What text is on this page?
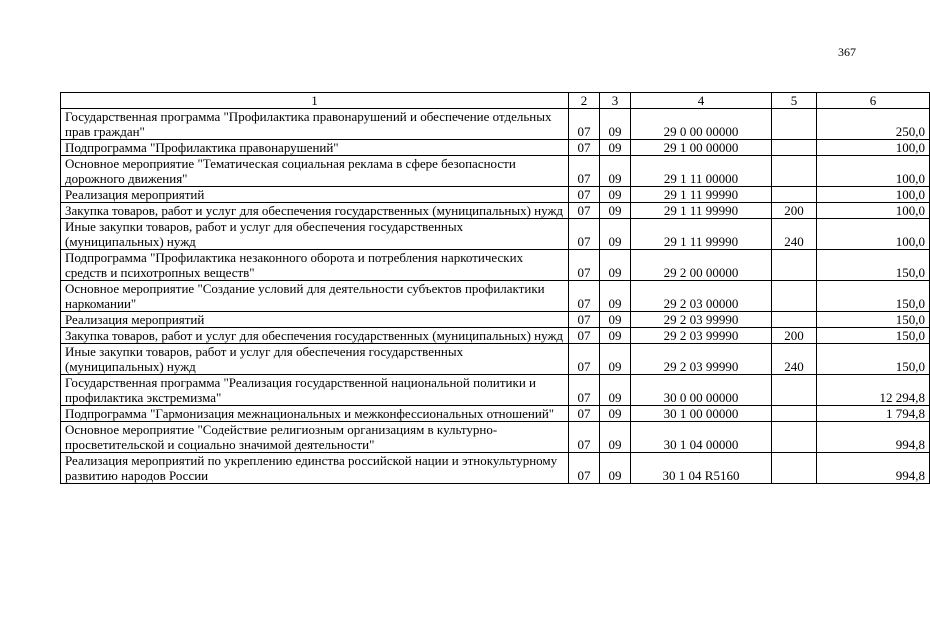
367
1	2	3	4	5	6
Государственная программа "Профилактика правонарушений и обеспечение отдельных прав граждан"	07	09	29 0 00 00000		250,0
Подпрограмма "Профилактика правонарушений"	07	09	29 1 00 00000		100,0
Основное мероприятие "Тематическая социальная реклама в сфере безопасности дорожного движения"	07	09	29 1 11 00000		100,0
Реализация мероприятий	07	09	29 1 11 99990		100,0
Закупка товаров, работ и услуг для обеспечения государственных (муниципальных) нужд	07	09	29 1 11 99990	200	100,0
Иные закупки товаров, работ и услуг для обеспечения государственных (муниципальных) нужд	07	09	29 1 11 99990	240	100,0
Подпрограмма "Профилактика незаконного оборота и потребления наркотических средств и психотропных веществ"	07	09	29 2 00 00000		150,0
Основное мероприятие "Создание условий для деятельности субъектов профилактики наркомании"	07	09	29 2 03 00000		150,0
Реализация мероприятий	07	09	29 2 03 99990		150,0
Закупка товаров, работ и услуг для обеспечения государственных (муниципальных) нужд	07	09	29 2 03 99990	200	150,0
Иные закупки товаров, работ и услуг для обеспечения государственных (муниципальных) нужд	07	09	29 2 03 99990	240	150,0
Государственная программа "Реализация государственной национальной политики и профилактика экстремизма"	07	09	30 0 00 00000		12 294,8
Подпрограмма "Гармонизация межнациональных и межконфессиональных отношений"	07	09	30 1 00 00000		1 794,8
Основное мероприятие "Содействие религиозным организациям в культурно-просветительской и социально значимой деятельности"	07	09	30 1 04 00000		994,8
Реализация мероприятий по укреплению единства российской нации и этнокультурному развитию народов России	07	09	30 1 04 R5160		994,8
